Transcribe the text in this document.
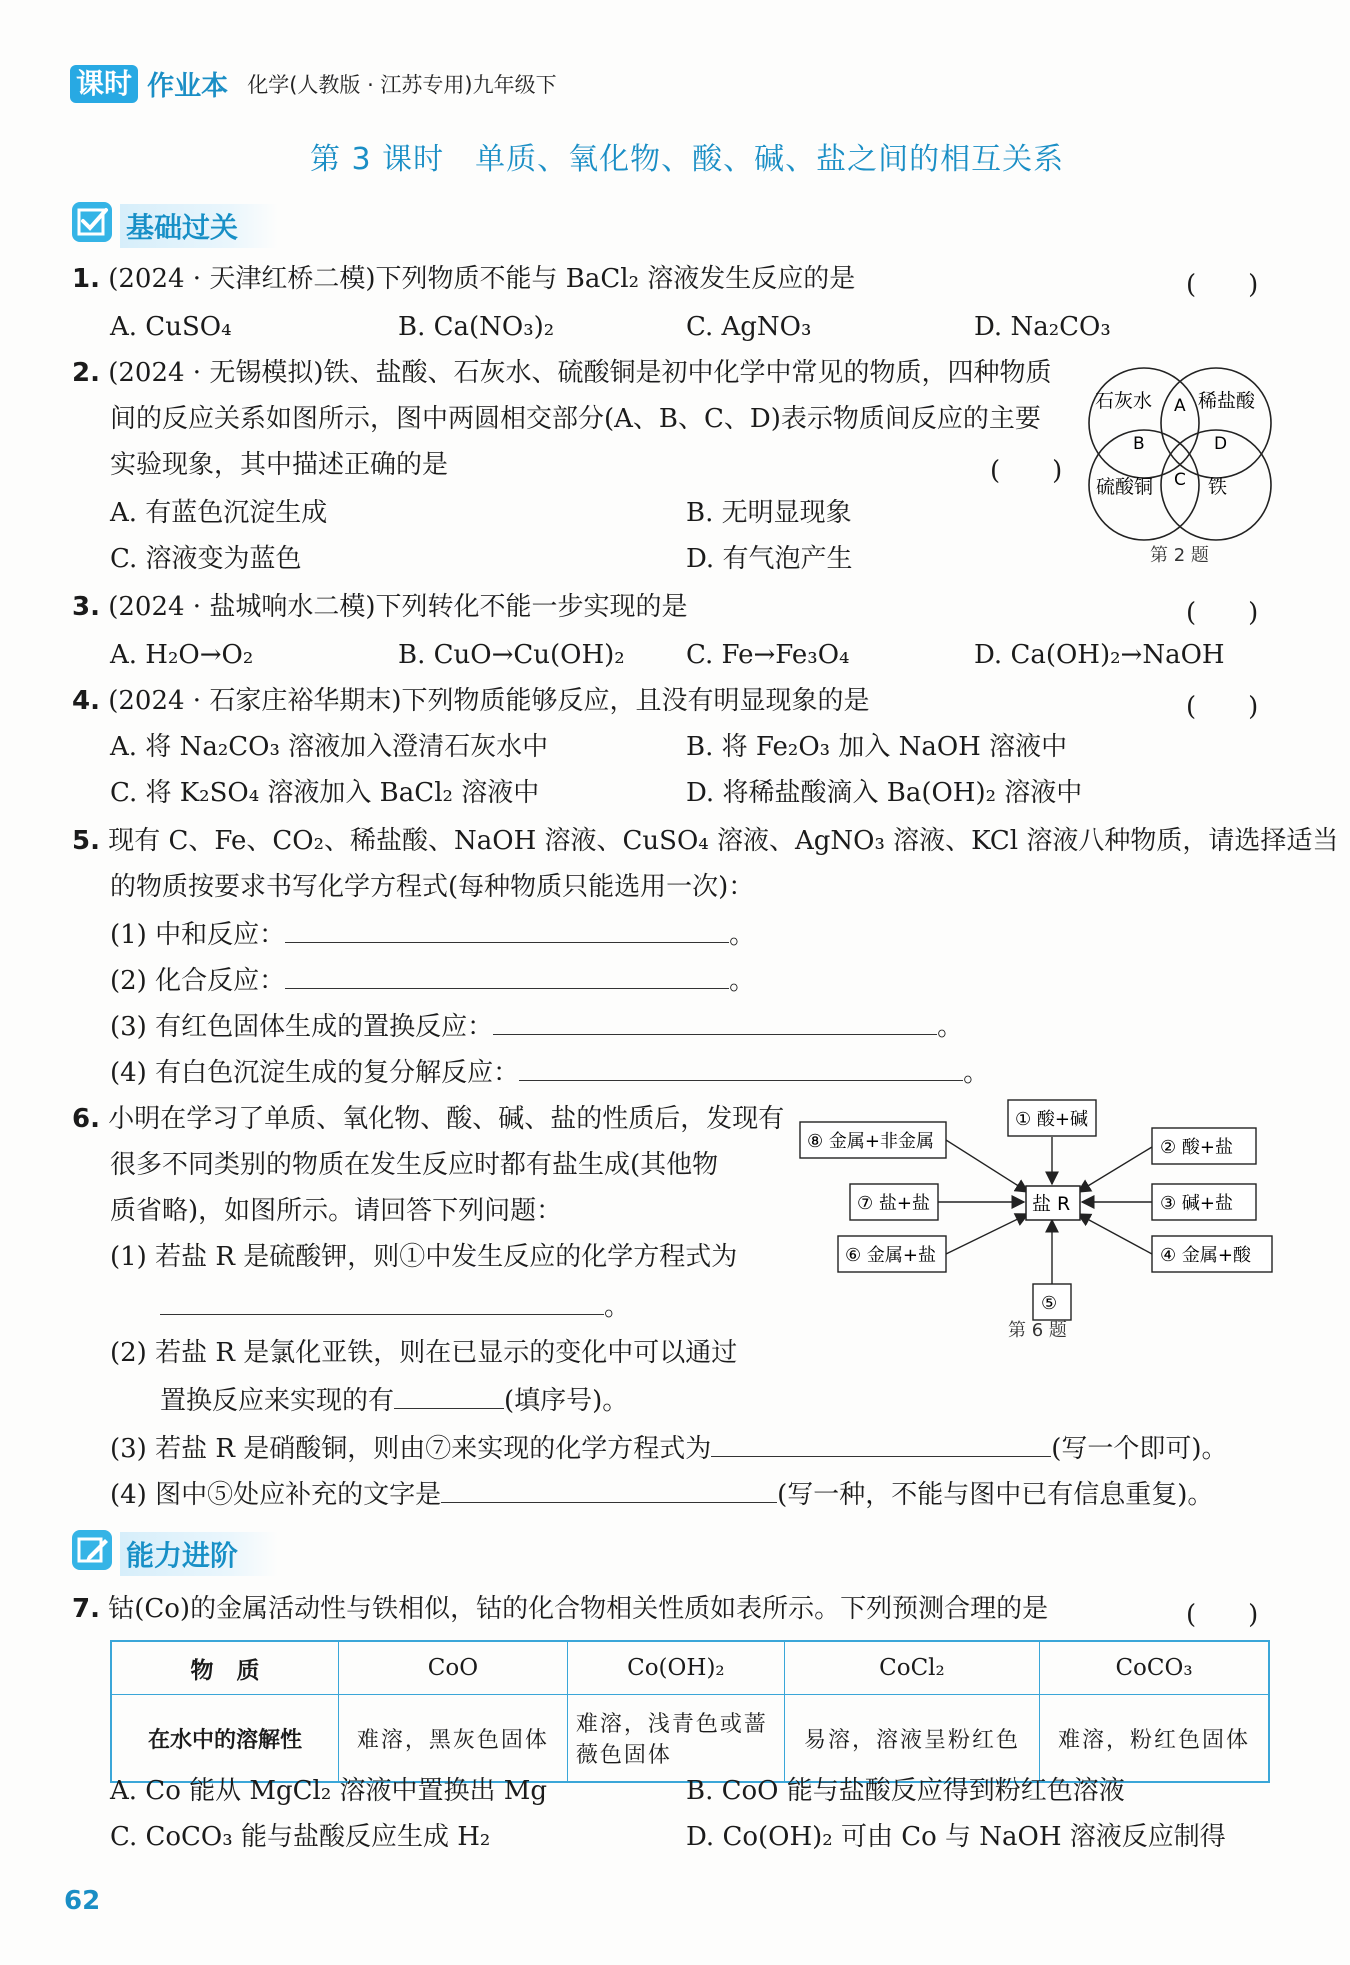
课时 作业本 化学(人教版 · 江苏专用)九年级下
第 3 课时　单质、氧化物、酸、碱、盐之间的相互关系
基础过关
1. (2024 · 天津红桥二模)下列物质不能与 BaCl₂ 溶液发生反应的是	(　　)
A. CuSO₄	B. Ca(NO₃)₂	C. AgNO₃	D. Na₂CO₃
2. (2024 · 无锡模拟)铁、盐酸、石灰水、硫酸铜是初中化学中常见的物质，四种物质
间的反应关系如图所示，图中两圆相交部分(A、B、C、D)表示物质间反应的主要
实验现象，其中描述正确的是	(　　)
A. 有蓝色沉淀生成	B. 无明显现象
C. 溶液变为蓝色	D. 有气泡产生
石灰水 稀盐酸
硫酸铜	铁
A
B
C
D
第 2 题
3. (2024 · 盐城响水二模)下列转化不能一步实现的是	(　　)
A. H₂O→O₂	B. CuO→Cu(OH)₂ C. Fe→Fe₃O₄	D. Ca(OH)₂→NaOH
4. (2024 · 石家庄裕华期末)下列物质能够反应，且没有明显现象的是	(　　)
A. 将 Na₂CO₃ 溶液加入澄清石灰水中	B. 将 Fe₂O₃ 加入 NaOH 溶液中
C. 将 K₂SO₄ 溶液加入 BaCl₂ 溶液中	D. 将稀盐酸滴入 Ba(OH)₂ 溶液中
5. 现有 C、Fe、CO₂、稀盐酸、NaOH 溶液、CuSO₄ 溶液、AgNO₃ 溶液、KCl 溶液八种物质，请选择适当
的物质按要求书写化学方程式(每种物质只能选用一次)：
(1) 中和反应：	。
(2) 化合反应：	。
(3) 有红色固体生成的置换反应：	。
(4) 有白色沉淀生成的复分解反应：	。
6. 小明在学习了单质、氧化物、酸、碱、盐的性质后，发现有
很多不同类别的物质在发生反应时都有盐生成(其他物
质省略)，如图所示。请回答下列问题：
(1) 若盐 R 是硫酸钾，则①中发生反应的化学方程式为
。
(2) 若盐 R 是氯化亚铁，则在已显示的变化中可以通过
置换反应来实现的有	(填序号)。
(3) 若盐 R 是硝酸铜，则由⑦来实现的化学方程式为	(写一个即可)。
(4) 图中⑤处应补充的文字是	(写一种，不能与图中已有信息重复)。
盐 R
① 酸+碱
② 酸+盐
③ 碱+盐
④ 金属+酸
⑤
⑥ 金属+盐
⑦ 盐+盐
⑧ 金属+非金属
第 6 题
能力进阶
7. 钴(Co)的金属活动性与铁相似，钴的化合物相关性质如表所示。下列预测合理的是	(　　)
物　质	CoO	Co(OH)₂	CoCl₂	CoCO₃
在水中的溶解性	难溶，黑灰色固体	难溶，浅青色或蔷薇色固体	易溶，溶液呈粉红色	难溶，粉红色固体
A. Co 能从 MgCl₂ 溶液中置换出 Mg	B. CoO 能与盐酸反应得到粉红色溶液
C. CoCO₃ 能与盐酸反应生成 H₂	D. Co(OH)₂ 可由 Co 与 NaOH 溶液反应制得
62
